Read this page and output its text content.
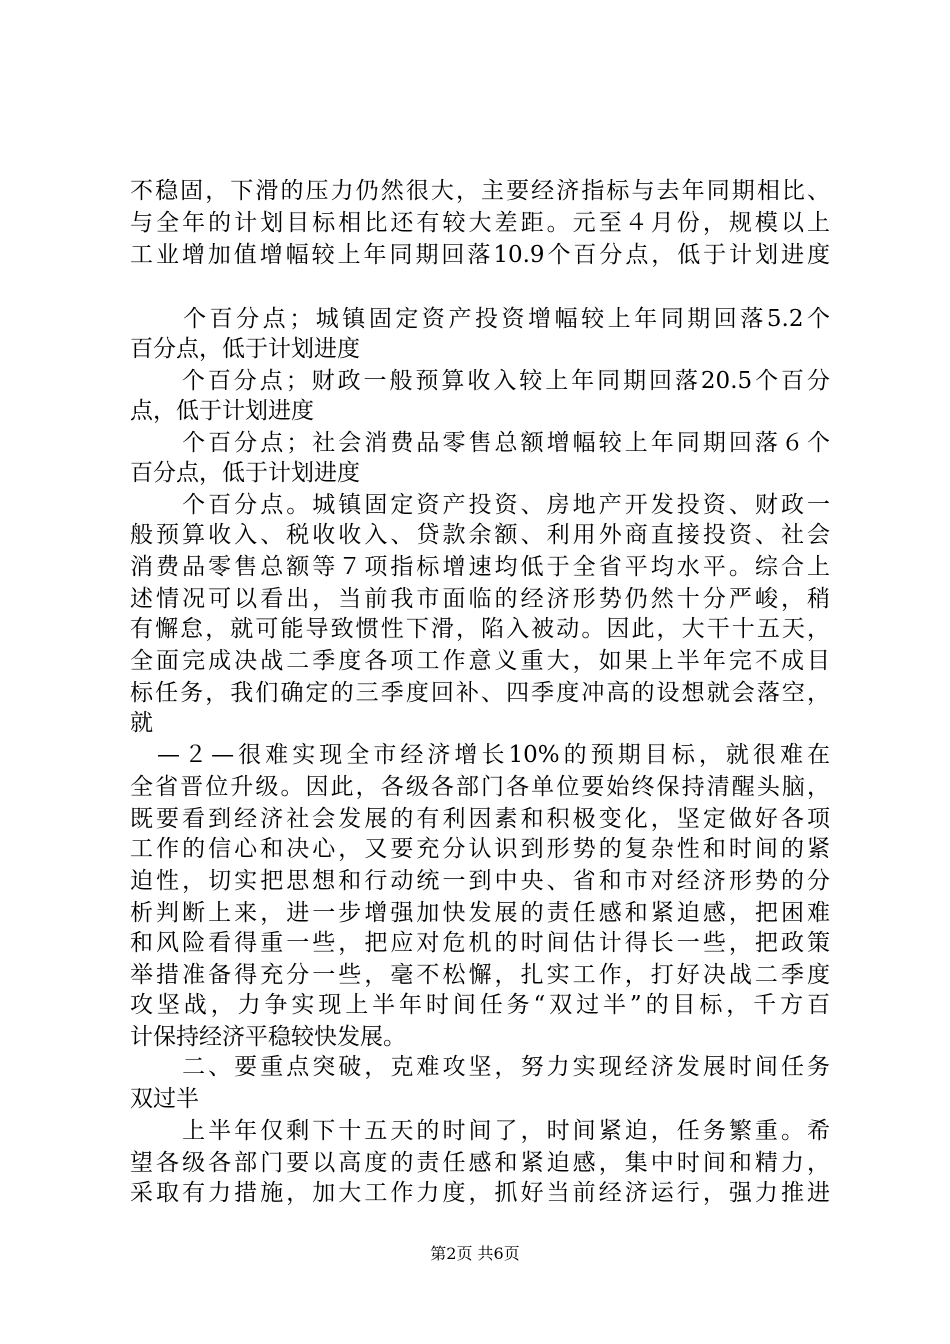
不稳固，下滑的压力仍然很大，主要经济指标与去年同期相比、
与全年的计划目标相比还有较大差距。元至４月份，规模以上
工业增加值增幅较上年同期回落10.9个百分点，低于计划进度
　　个百分点；城镇固定资产投资增幅较上年同期回落5.2个
百分点，低于计划进度
　　个百分点；财政一般预算收入较上年同期回落20.5个百分
点，低于计划进度
　　个百分点；社会消费品零售总额增幅较上年同期回落６个
百分点，低于计划进度
　　个百分点。城镇固定资产投资、房地产开发投资、财政一
般预算收入、税收收入、贷款余额、利用外商直接投资、社会
消费品零售总额等７项指标增速均低于全省平均水平。综合上
述情况可以看出，当前我市面临的经济形势仍然十分严峻，稍
有懈怠，就可能导致惯性下滑，陷入被动。因此，大干十五天，
全面完成决战二季度各项工作意义重大，如果上半年完不成目
标任务，我们确定的三季度回补、四季度冲高的设想就会落空，
就
　—２—很难实现全市经济增长10%的预期目标，就很难在
全省晋位升级。因此，各级各部门各单位要始终保持清醒头脑，
既要看到经济社会发展的有利因素和积极变化，坚定做好各项
工作的信心和决心，又要充分认识到形势的复杂性和时间的紧
迫性，切实把思想和行动统一到中央、省和市对经济形势的分
析判断上来，进一步增强加快发展的责任感和紧迫感，把困难
和风险看得重一些，把应对危机的时间估计得长一些，把政策
举措准备得充分一些，毫不松懈，扎实工作，打好决战二季度
攻坚战，力争实现上半年时间任务“双过半”的目标，千方百
计保持经济平稳较快发展。
　　二、要重点突破，克难攻坚，努力实现经济发展时间任务
双过半
　　上半年仅剩下十五天的时间了，时间紧迫，任务繁重。希
望各级各部门要以高度的责任感和紧迫感，集中时间和精力，
采取有力措施，加大工作力度，抓好当前经济运行，强力推进
第2页 共6页
